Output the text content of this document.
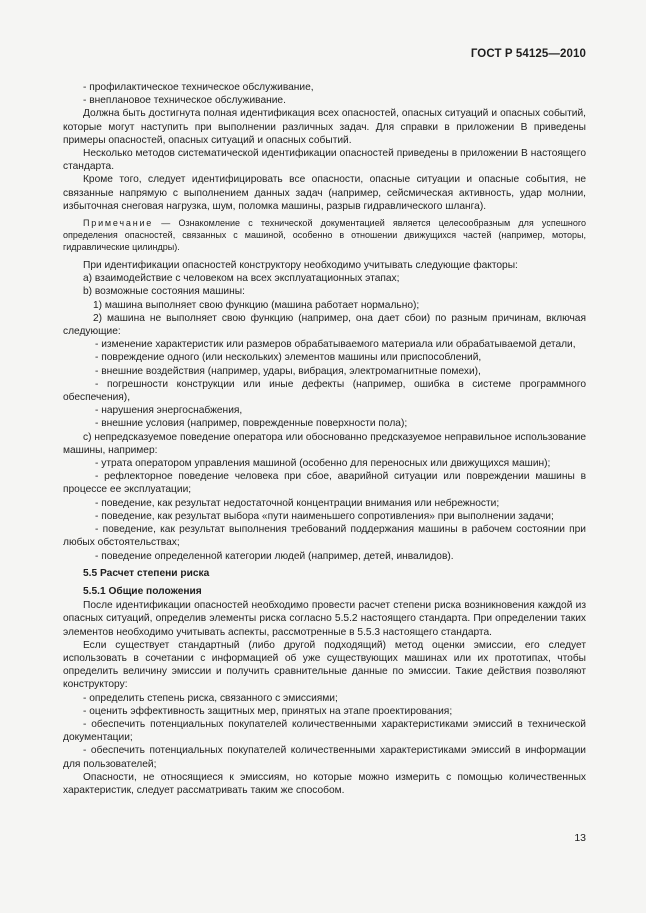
ГОСТ Р 54125—2010

- профилактическое техническое обслуживание,

- внеплановое техническое обслуживание.

Должна быть достигнута полная идентификация всех опасностей, опасных ситуаций и опасных событий, которые могут наступить при выполнении различных задач. Для справки в приложении В приведены примеры опасностей, опасных ситуаций и опасных событий.

Несколько методов систематической идентификации опасностей приведены в приложении В настоящего стандарта.

Кроме того, следует идентифицировать все опасности, опасные ситуации и опасные события, не связанные напрямую с выполнением данных задач (например, сейсмическая активность, удар молнии, избыточная снеговая нагрузка, шум, поломка машины, разрыв гидравлического шланга).

Примечание — Ознакомление с технической документацией является целесообразным для успешного определения опасностей, связанных с машиной, особенно в отношении движущихся частей (например, моторы, гидравлические цилиндры).

При идентификации опасностей конструктору необходимо учитывать следующие факторы:

a) взаимодействие с человеком на всех эксплуатационных этапах;

b) возможные состояния машины:

1) машина выполняет свою функцию (машина работает нормально);

2) машина не выполняет свою функцию (например, она дает сбои) по разным причинам, включая следующие:

- изменение характеристик или размеров обрабатываемого материала или обрабатываемой детали,

- повреждение одного (или нескольких) элементов машины или приспособлений,

- внешние воздействия (например, удары, вибрация, электромагнитные помехи),

- погрешности конструкции или иные дефекты (например, ошибка в системе программного обеспечения),

- нарушения энергоснабжения,

- внешние условия (например, поврежденные поверхности пола);

c) непредсказуемое поведение оператора или обоснованно предсказуемое неправильное использование машины, например:

- утрата оператором управления машиной (особенно для переносных или движущихся машин);

- рефлекторное поведение человека при сбое, аварийной ситуации или повреждении машины в процессе ее эксплуатации;

- поведение, как результат недостаточной концентрации внимания или небрежности;

- поведение, как результат выбора «пути наименьшего сопротивления» при выполнении задачи;

- поведение, как результат выполнения требований поддержания машины в рабочем состоянии при любых обстоятельствах;

- поведение определенной категории людей (например, детей, инвалидов).

5.5 Расчет степени риска

5.5.1 Общие положения

После идентификации опасностей необходимо провести расчет степени риска возникновения каждой из опасных ситуаций, определив элементы риска согласно 5.5.2 настоящего стандарта. При определении таких элементов необходимо учитывать аспекты, рассмотренные в 5.5.3 настоящего стандарта.

Если существует стандартный (либо другой подходящий) метод оценки эмиссии, его следует использовать в сочетании с информацией об уже существующих машинах или их прототипах, чтобы определить величину эмиссии и получить сравнительные данные по эмиссии. Такие действия позволяют конструктору:

- определить степень риска, связанного с эмиссиями;

- оценить эффективность защитных мер, принятых на этапе проектирования;

- обеспечить потенциальных покупателей количественными характеристиками эмиссий в технической документации;

- обеспечить потенциальных покупателей количественными характеристиками эмиссий в информации для пользователей;

Опасности, не относящиеся к эмиссиям, но которые можно измерить с помощью количественных характеристик, следует рассматривать таким же способом.

13
